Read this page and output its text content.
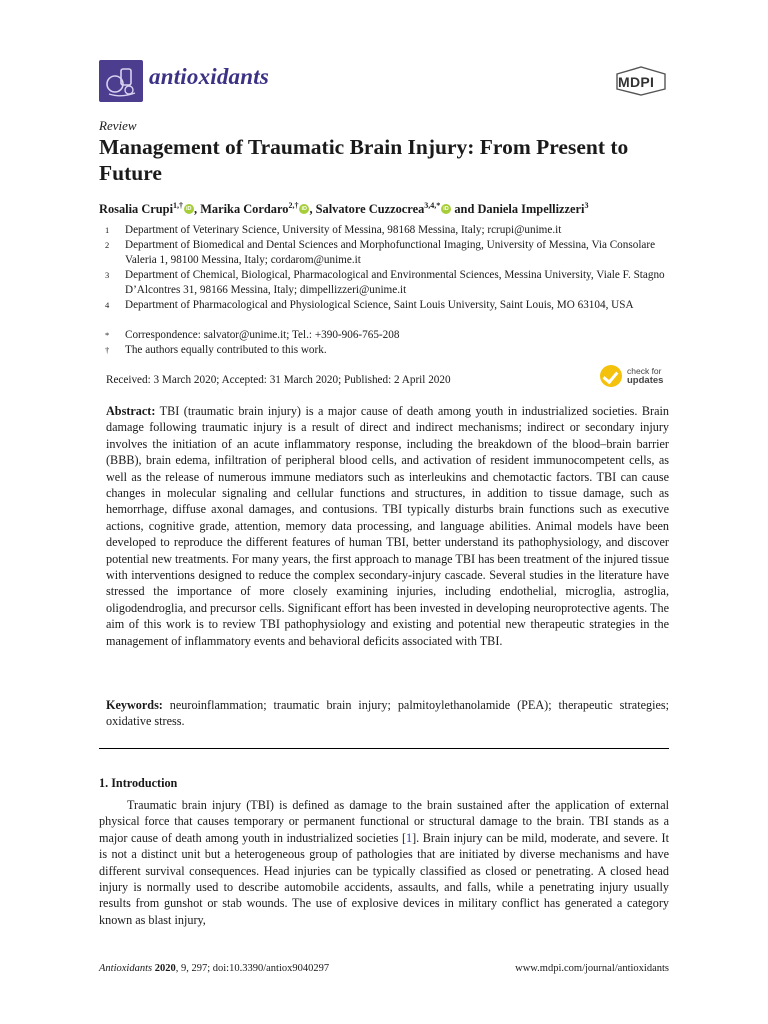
antioxidants	MDPI
Review
Management of Traumatic Brain Injury: From Present to Future
Rosalia Crupi$^{1,\dagger}$ iD , Marika Cordaro$^{2,\dagger}$ iD , Salvatore Cuzzocrea$^{3,4,*}$iD and Daniela Impellizzeri$^3$
1 Department of Veterinary Science, University of Messina, 98168 Messina, Italy; rcrupi@unime.it
2 Department of Biomedical and Dental Sciences and Morphofunctional Imaging, University of Messina, Via Consolare Valeria 1, 98100 Messina, Italy; cordarom@unime.it
3 Department of Chemical, Biological, Pharmacological and Environmental Sciences, Messina University, Viale F. Stagno D’Alcontres 31, 98166 Messina, Italy; dimpellizzeri@unime.it
4 Department of Pharmacological and Physiological Science, Saint Louis University, Saint Louis, MO 63104, USA
* Correspondence: salvator@unime.it; Tel.: +390-906-765-208
† The authors equally contributed to this work.
Received: 3 March 2020; Accepted: 31 March 2020; Published: 2 April 2020
check for
updates
Abstract: TBI (traumatic brain injury) is a major cause of death among youth in industrialized societies. Brain damage following traumatic injury is a result of direct and indirect mechanisms; indirect or secondary injury involves the initiation of an acute inflammatory response, including the breakdown of the blood–brain barrier (BBB), brain edema, infiltration of peripheral blood cells, and activation of resident immunocompetent cells, as well as the release of numerous immune mediators such as interleukins and chemotactic factors. TBI can cause changes in molecular signaling and cellular functions and structures, in addition to tissue damage, such as hemorrhage, diffuse axonal damages, and contusions. TBI typically disturbs brain functions such as executive actions, cognitive grade, attention, memory data processing, and language abilities. Animal models have been developed to reproduce the different features of human TBI, better understand its pathophysiology, and discover potential new treatments. For many years, the first approach to manage TBI has been treatment of the injured tissue with interventions designed to reduce the complex secondary-injury cascade. Several studies in the literature have stressed the importance of more closely examining injuries, including endothelial, microglia, astroglia, oligodendroglia, and precursor cells. Significant effort has been invested in developing neuroprotective agents. The aim of this work is to review TBI pathophysiology and existing and potential new therapeutic strategies in the management of inflammatory events and behavioral deficits associated with TBI.
Keywords: neuroinflammation; traumatic brain injury; palmitoylethanolamide (PEA); therapeutic strategies; oxidative stress.
1. Introduction
Traumatic brain injury (TBI) is defined as damage to the brain sustained after the application of external physical force that causes temporary or permanent functional or structural damage to the brain. TBI stands as a major cause of death among youth in industrialized societies [1]. Brain injury can be mild, moderate, and severe. It is not a distinct unit but a heterogeneous group of pathologies that are initiated by diverse mechanisms and have different survival consequences. Head injuries can be typically classified as closed or penetrating. A closed head injury is normally used to describe automobile accidents, assaults, and falls, while a penetrating injury usually results from gunshot or stab wounds. The use of explosive devices in military conflict has generated a category known as blast injury,
Antioxidants 2020, 9, 297; doi:10.3390/antiox9040297	www.mdpi.com/journal/antioxidants
